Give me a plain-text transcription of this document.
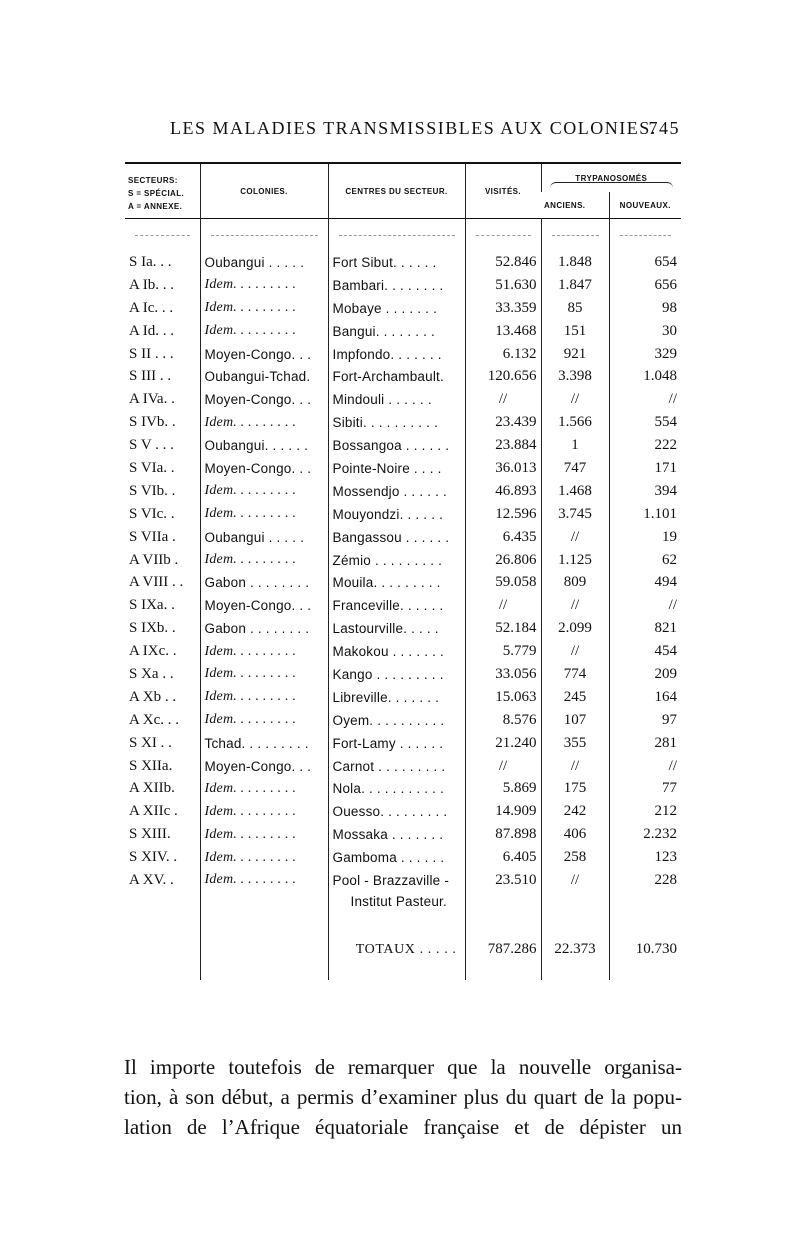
LES MALADIES TRANSMISSIBLES AUX COLONIES.
745
SECTEURS:
S = SPÉCIAL.
A = ANNEXE.	COLONIES.	CENTRES DU SECTEUR.	VISITÉS.	TRYPANOSOMÉS	

				ANCIENS.	NOUVEAUX.

S Ia. . .	Oubangui . . . . .	Fort Sibut. . . . . .	52.846	1.848	654
A Ib. . .	Idem. . . . . . . . .	Bambari. . . . . . . .	51.630	1.847	656
A Ic. . .	Idem. . . . . . . . .	Mobaye . . . . . . .	33.359	85	98
A Id. . .	Idem. . . . . . . . .	Bangui. . . . . . . .	13.468	151	30
S II . . .	Moyen-Congo. . .	Impfondo. . . . . . .	6.132	921	329
S III . .	Oubangui-Tchad.	Fort-Archambault.	120.656	3.398	1.048
A IVa. .	Moyen-Congo. . .	Mindouli . . . . . .	//	//	//
S IVb. .	Idem. . . . . . . . .	Sibiti. . . . . . . . . .	23.439	1.566	554
S V . . .	Oubangui. . . . . .	Bossangoa . . . . . .	23.884	1	222
S VIa. .	Moyen-Congo. . .	Pointe-Noire . . . .	36.013	747	171
S VIb. .	Idem. . . . . . . . .	Mossendjo . . . . . .	46.893	1.468	394
S VIc. .	Idem. . . . . . . . .	Mouyondzi. . . . . .	12.596	3.745	1.101
S VIIa .	Oubangui . . . . .	Bangassou . . . . . .	6.435	//	19
A VIIb .	Idem. . . . . . . . .	Zémio . . . . . . . . .	26.806	1.125	62
A VIII . .	Gabon . . . . . . . .	Mouila. . . . . . . . .	59.058	809	494
S IXa. .	Moyen-Congo. . .	Franceville. . . . . .	//	//	//
S IXb. .	Gabon . . . . . . . .	Lastourville. . . . .	52.184	2.099	821
A IXc. .	Idem. . . . . . . . .	Makokou . . . . . . .	5.779	//	454
S Xa . .	Idem. . . . . . . . .	Kango . . . . . . . . .	33.056	774	209
A Xb . .	Idem. . . . . . . . .	Libreville. . . . . . .	15.063	245	164
A Xc. . .	Idem. . . . . . . . .	Oyem. . . . . . . . . .	8.576	107	97
S XI . .	Tchad. . . . . . . . .	Fort-Lamy . . . . . .	21.240	355	281
S XIIa.	Moyen-Congo. . .	Carnot . . . . . . . . .	//	//	//
A XIIb.	Idem. . . . . . . . .	Nola. . . . . . . . . . .	5.869	175	77
A XIIc .	Idem. . . . . . . . .	Ouesso. . . . . . . . .	14.909	242	212
S XIII.	Idem. . . . . . . . .	Mossaka . . . . . . .	87.898	406	2.232
S XIV. .	Idem. . . . . . . . .	Gamboma . . . . . .	6.405	258	123
A XV. .	Idem. . . . . . . . .	Pool - Brazzaville -	23.510	//	228
		Institut Pasteur.			
		TOTAUX . . . . .	787.286	22.373	10.730
Il importe toutefois de remarquer que la nouvelle organisa-
tion, à son début, a permis d’examiner plus du quart de la popu-
lation de l’Afrique équatoriale française et de dépister un
